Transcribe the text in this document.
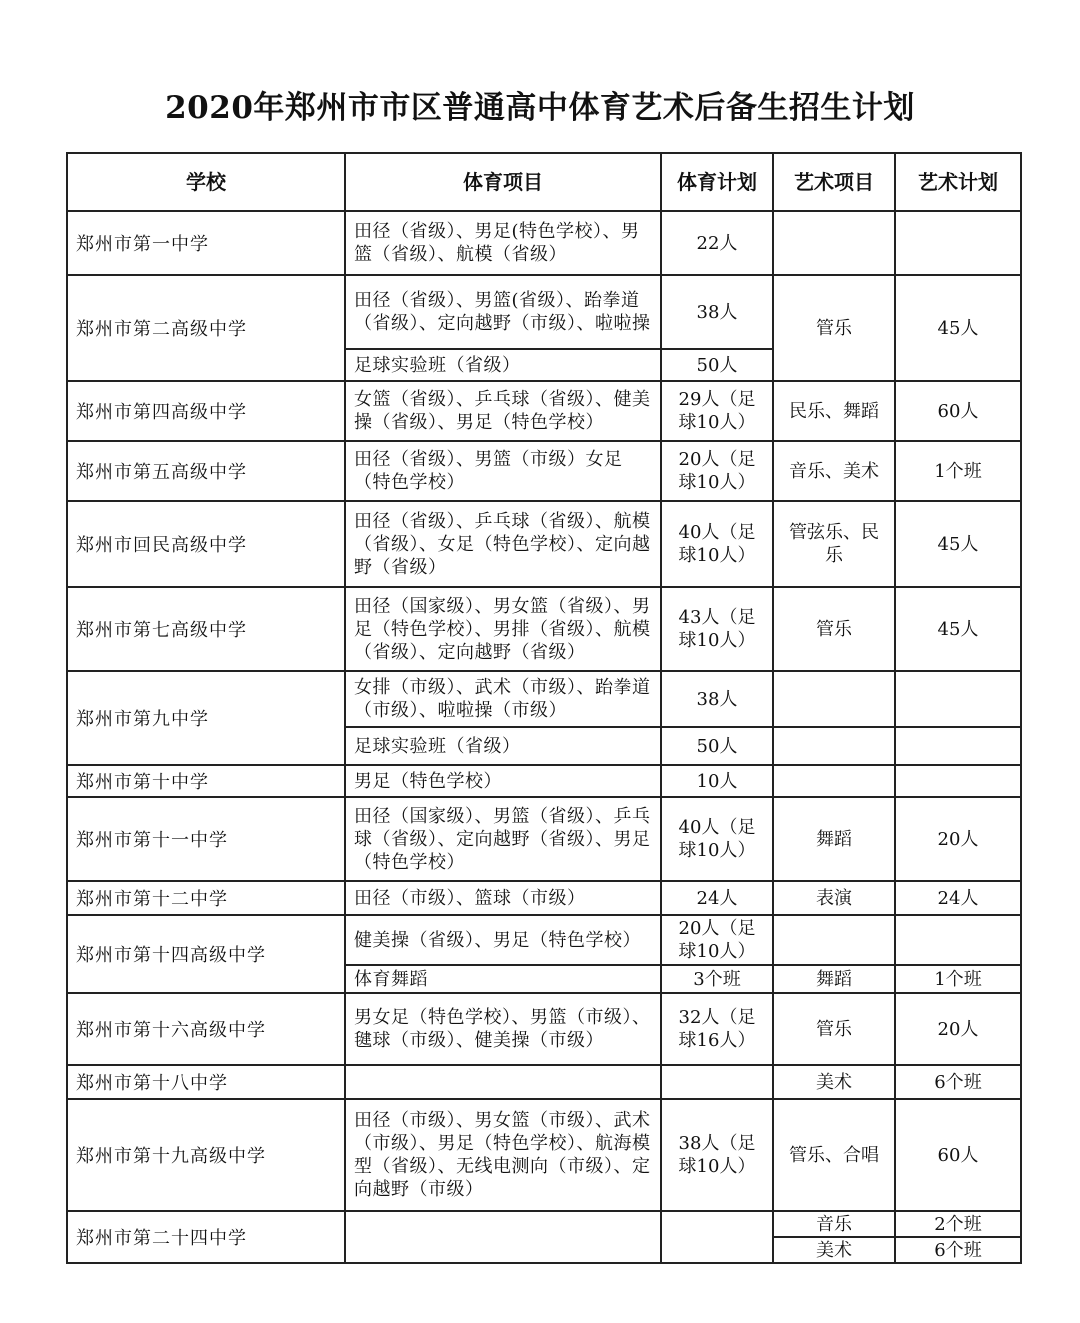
2020年郑州市市区普通高中体育艺术后备生招生计划
学校	体育项目	体育计划	艺术项目	艺术计划
郑州市第一中学	田径（省级）、男足(特色学校）、男篮（省级）、航模（省级）	22人		
郑州市第二高级中学	田径（省级）、男篮(省级）、跆拳道（省级）、定向越野（市级）、啦啦操	38人	管乐	45人
	足球实验班（省级）	50人		
郑州市第四高级中学	女篮（省级）、乒乓球（省级）、健美操（省级）、男足（特色学校）	29人（足球10人）	民乐、舞蹈	60人
郑州市第五高级中学	田径（省级）、男篮（市级）女足（特色学校）	20人（足球10人）	音乐、美术	1个班
郑州市回民高级中学	田径（省级）、乒乓球（省级）、航模（省级）、女足（特色学校）、定向越野（省级）	40人（足球10人）	管弦乐、民乐	45人
郑州市第七高级中学	田径（国家级）、男女篮（省级）、男足（特色学校）、男排（省级）、航模（省级）、定向越野（省级）	43人（足球10人）	管乐	45人
郑州市第九中学	女排（市级）、武术（市级）、跆拳道（市级）、啦啦操（市级）	38人		
	足球实验班（省级）	50人		
郑州市第十中学	男足（特色学校）	10人		
郑州市第十一中学	田径（国家级）、男篮（省级）、乒乓球（省级）、定向越野（省级）、男足（特色学校）	40人（足球10人）	舞蹈	20人
郑州市第十二中学	田径（市级）、篮球（市级）	24人	表演	24人
郑州市第十四高级中学	健美操（省级）、男足（特色学校）	20人（足球10人）		
	体育舞蹈	3个班	舞蹈	1个班
郑州市第十六高级中学	男女足（特色学校）、男篮（市级）、毽球（市级）、健美操（市级）	32人（足球16人）	管乐	20人
郑州市第十八中学			美术	6个班
郑州市第十九高级中学	田径（市级）、男女篮（市级）、武术（市级）、男足（特色学校）、航海模型（省级）、无线电测向（市级）、定向越野（市级）	38人（足球10人）	管乐、合唱	60人
郑州市第二十四中学			音乐	2个班
			美术	6个班
